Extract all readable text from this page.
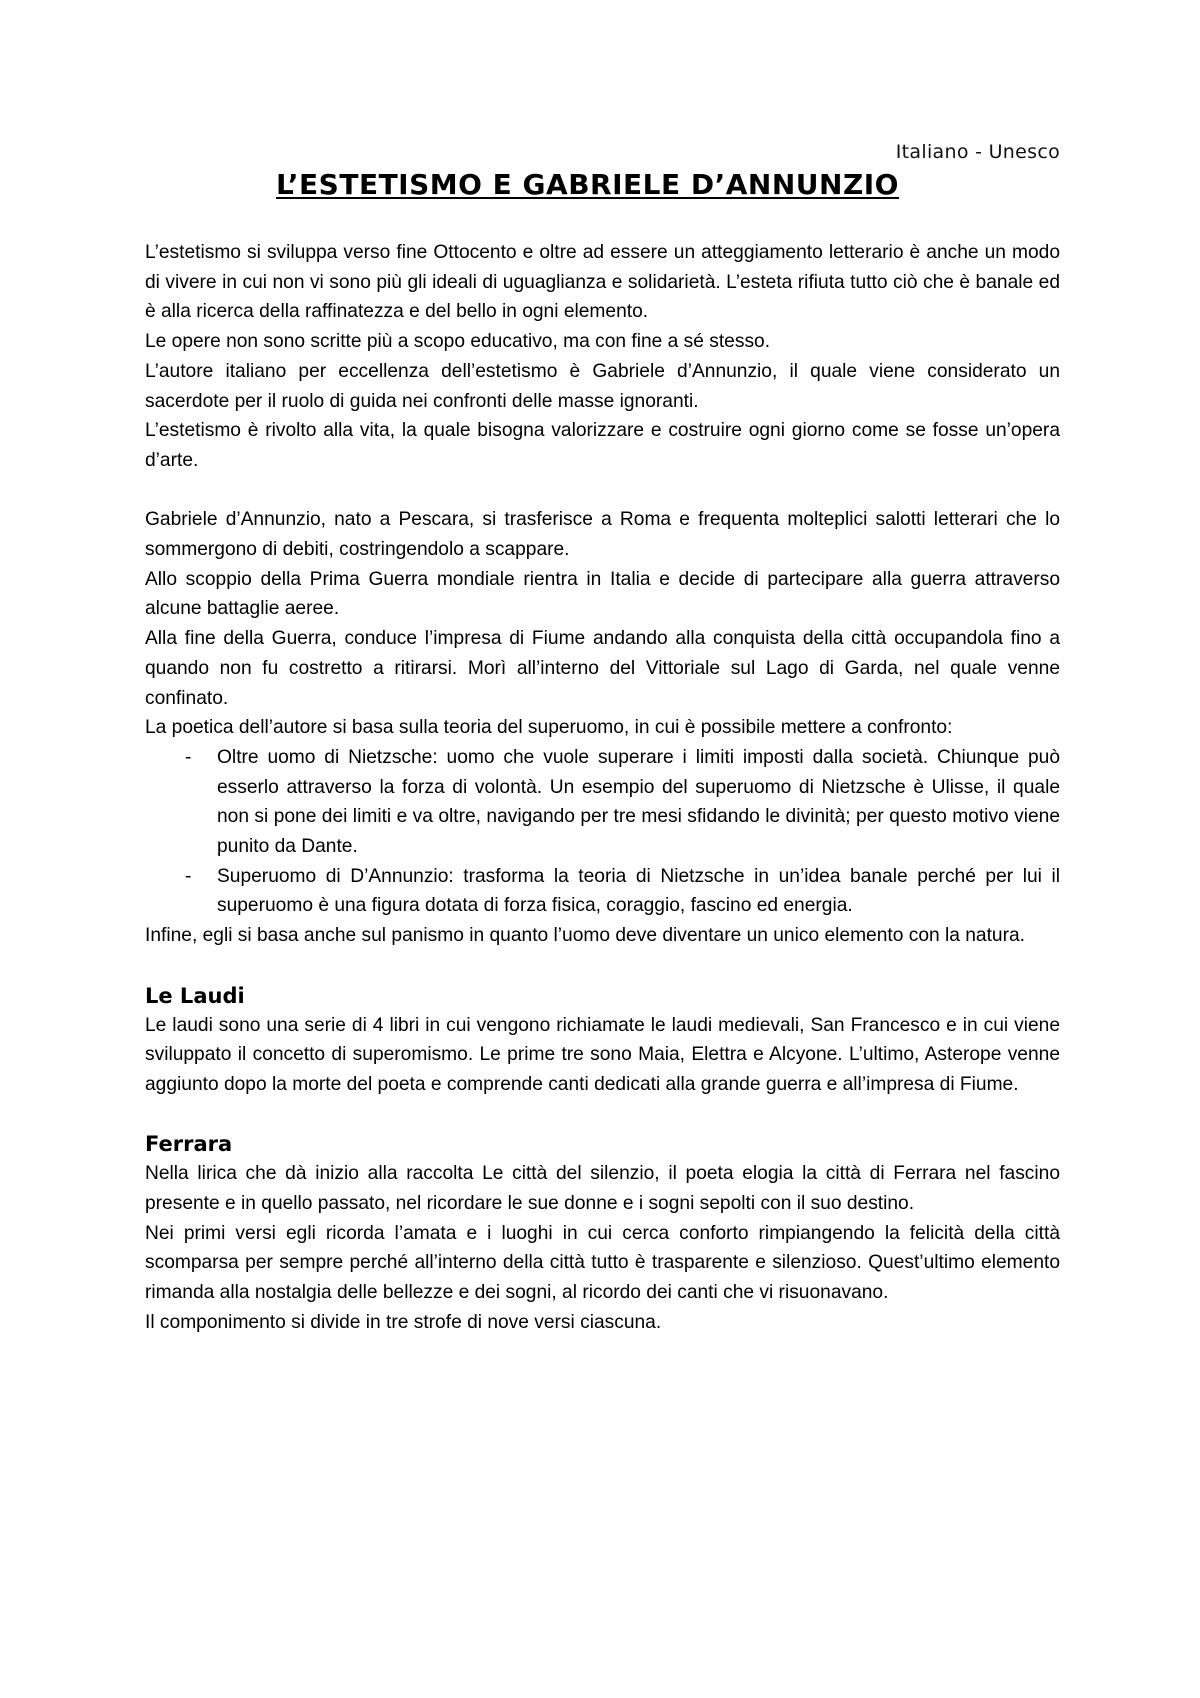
Italiano - Unesco

L’ESTETISMO E GABRIELE D’ANNUNZIO

L’estetismo si sviluppa verso fine Ottocento e oltre ad essere un atteggiamento letterario è anche un modo di vivere in cui non vi sono più gli ideali di uguaglianza e solidarietà. L’esteta rifiuta tutto ciò che è banale ed è alla ricerca della raffinatezza e del bello in ogni elemento.

Le opere non sono scritte più a scopo educativo, ma con fine a sé stesso.

L’autore italiano per eccellenza dell’estetismo è Gabriele d’Annunzio, il quale viene considerato un sacerdote per il ruolo di guida nei confronti delle masse ignoranti.

L’estetismo è rivolto alla vita, la quale bisogna valorizzare e costruire ogni giorno come se fosse un’opera d’arte.

Gabriele d’Annunzio, nato a Pescara, si trasferisce a Roma e frequenta molteplici salotti letterari che lo sommergono di debiti, costringendolo a scappare.

Allo scoppio della Prima Guerra mondiale rientra in Italia e decide di partecipare alla guerra attraverso alcune battaglie aeree.

Alla fine della Guerra, conduce l’impresa di Fiume andando alla conquista della città occupandola fino a quando non fu costretto a ritirarsi. Morì all’interno del Vittoriale sul Lago di Garda, nel quale venne confinato.

La poetica dell’autore si basa sulla teoria del superuomo, in cui è possibile mettere a confronto:

- Oltre uomo di Nietzsche: uomo che vuole superare i limiti imposti dalla società. Chiunque può esserlo attraverso la forza di volontà. Un esempio del superuomo di Nietzsche è Ulisse, il quale non si pone dei limiti e va oltre, navigando per tre mesi sfidando le divinità; per questo motivo viene punito da Dante.
- Superuomo di D’Annunzio: trasforma la teoria di Nietzsche in un’idea banale perché per lui il superuomo è una figura dotata di forza fisica, coraggio, fascino ed energia.

Infine, egli si basa anche sul panismo in quanto l’uomo deve diventare un unico elemento con la natura.

Le Laudi

Le laudi sono una serie di 4 libri in cui vengono richiamate le laudi medievali, San Francesco e in cui viene sviluppato il concetto di superomismo. Le prime tre sono Maia, Elettra e Alcyone. L’ultimo, Asterope venne aggiunto dopo la morte del poeta e comprende canti dedicati alla grande guerra e all’impresa di Fiume.

Ferrara

Nella lirica che dà inizio alla raccolta Le città del silenzio, il poeta elogia la città di Ferrara nel fascino presente e in quello passato, nel ricordare le sue donne e i sogni sepolti con il suo destino.

Nei primi versi egli ricorda l’amata e i luoghi in cui cerca conforto rimpiangendo la felicità della città scomparsa per sempre perché all’interno della città tutto è trasparente e silenzioso. Quest’ultimo elemento rimanda alla nostalgia delle bellezze e dei sogni, al ricordo dei canti che vi risuonavano.

Il componimento si divide in tre strofe di nove versi ciascuna.
